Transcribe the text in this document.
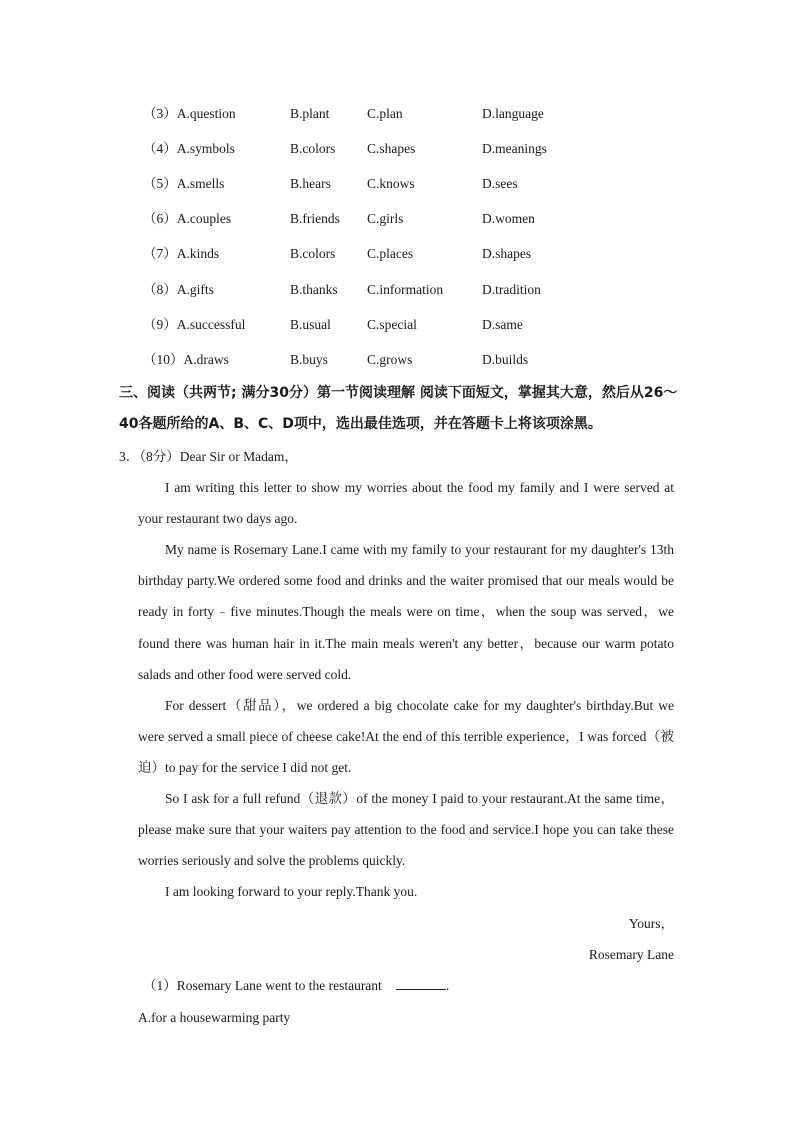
（3）A.question	B.plant	C.plan	D.language
（4）A.symbols	B.colors C.shapes	D.meanings
（5）A.smells	B.hears	C.knows	D.sees
（6）A.couples	B.friends C.girls	D.women
（7）A.kinds	B.colors C.places	D.shapes
（8）A.gifts	B.thanks C.information	D.tradition
（9）A.successful	B.usual	C.special	D.same
（10）A.draws	B.buys	C.grows	D.builds
三、阅读（共两节; 满分30分）第一节阅读理解 阅读下面短文，掌握其大意，然后从26～40各题所给的A、B、C、D项中，选出最佳选项，并在答题卡上将该项涂黑。
3．（8分）Dear Sir or Madam，
I am writing this letter to show my worries about the food my family and I were served at your restaurant two days ago.
My name is Rosemary Lane.I came with my family to your restaurant for my daughter's 13th birthday party.We ordered some food and drinks and the waiter promised that our meals would be ready in forty﹣five minutes.Though the meals were on time，when the soup was served，we found there was human hair in it.The main meals weren't any better，because our warm potato salads and other food were served cold.
For dessert（甜品），we ordered a big chocolate cake for my daughter's birthday.But we were served a small piece of cheese cake!At the end of this terrible experience，I was forced（被迫）to pay for the service I did not get.
So I ask for a full refund（退款）of the money I paid to your restaurant.At the same time，please make sure that your waiters pay attention to the food and service.I hope you can take these worries seriously and solve the problems quickly.
I am looking forward to your reply.Thank you.
Yours，
Rosemary Lane
（1）Rosemary Lane went to the restaurant	.
A.for a housewarming party
